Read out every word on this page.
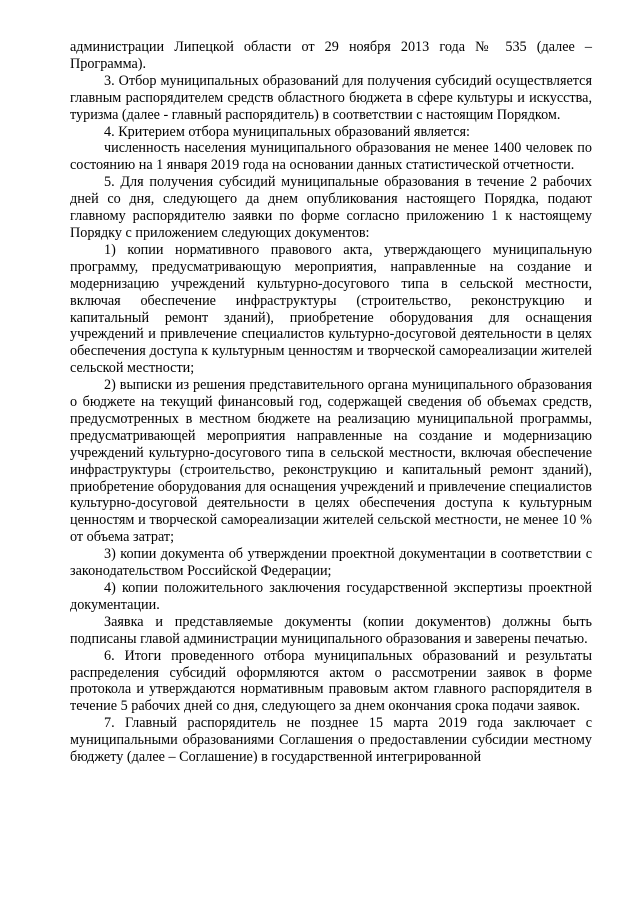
администрации Липецкой области от 29 ноября 2013 года № 535 (далее – Программа).

3. Отбор муниципальных образований для получения субсидий осуществляется главным распорядителем средств областного бюджета в сфере культуры и искусства, туризма (далее - главный распорядитель) в соответствии с настоящим Порядком.

4. Критерием отбора муниципальных образований является:

численность населения муниципального образования не менее 1400 человек по состоянию на 1 января 2019 года на основании данных статистической отчетности.

5. Для получения субсидий муниципальные образования в течение 2 рабочих дней со дня, следующего да днем опубликования настоящего Порядка, подают главному распорядителю заявки по форме согласно приложению 1 к настоящему Порядку с приложением следующих документов:

1) копии нормативного правового акта, утверждающего муниципальную программу, предусматривающую мероприятия, направленные на создание и модернизацию учреждений культурно-досугового типа в сельской местности, включая обеспечение инфраструктуры (строительство, реконструкцию и капитальный ремонт зданий), приобретение оборудования для оснащения учреждений и привлечение специалистов культурно-досуговой деятельности в целях обеспечения доступа к культурным ценностям и творческой самореализации жителей сельской местности;

2) выписки из решения представительного органа муниципального образования о бюджете на текущий финансовый год, содержащей сведения об объемах средств, предусмотренных в местном бюджете на реализацию муниципальной программы, предусматривающей мероприятия направленные на создание и модернизацию учреждений культурно-досугового типа в сельской местности, включая обеспечение инфраструктуры (строительство, реконструкцию и капитальный ремонт зданий), приобретение оборудования для оснащения учреждений и привлечение специалистов культурно-досуговой деятельности в целях обеспечения доступа к культурным ценностям и творческой самореализации жителей сельской местности, не менее 10 % от объема затрат;

3) копии документа об утверждении проектной документации в соответствии с законодательством Российской Федерации;

4) копии положительного заключения государственной экспертизы проектной документации.

Заявка и представляемые документы (копии документов) должны быть подписаны главой администрации муниципального образования и заверены печатью.

6. Итоги проведенного отбора муниципальных образований и результаты распределения субсидий оформляются актом о рассмотрении заявок в форме протокола и утверждаются нормативным правовым актом главного распорядителя в течение 5 рабочих дней со дня, следующего за днем окончания срока подачи заявок.

7. Главный распорядитель не позднее 15 марта 2019 года заключает с муниципальными образованиями Соглашения о предоставлении субсидии местному бюджету (далее – Соглашение) в государственной интегрированной
